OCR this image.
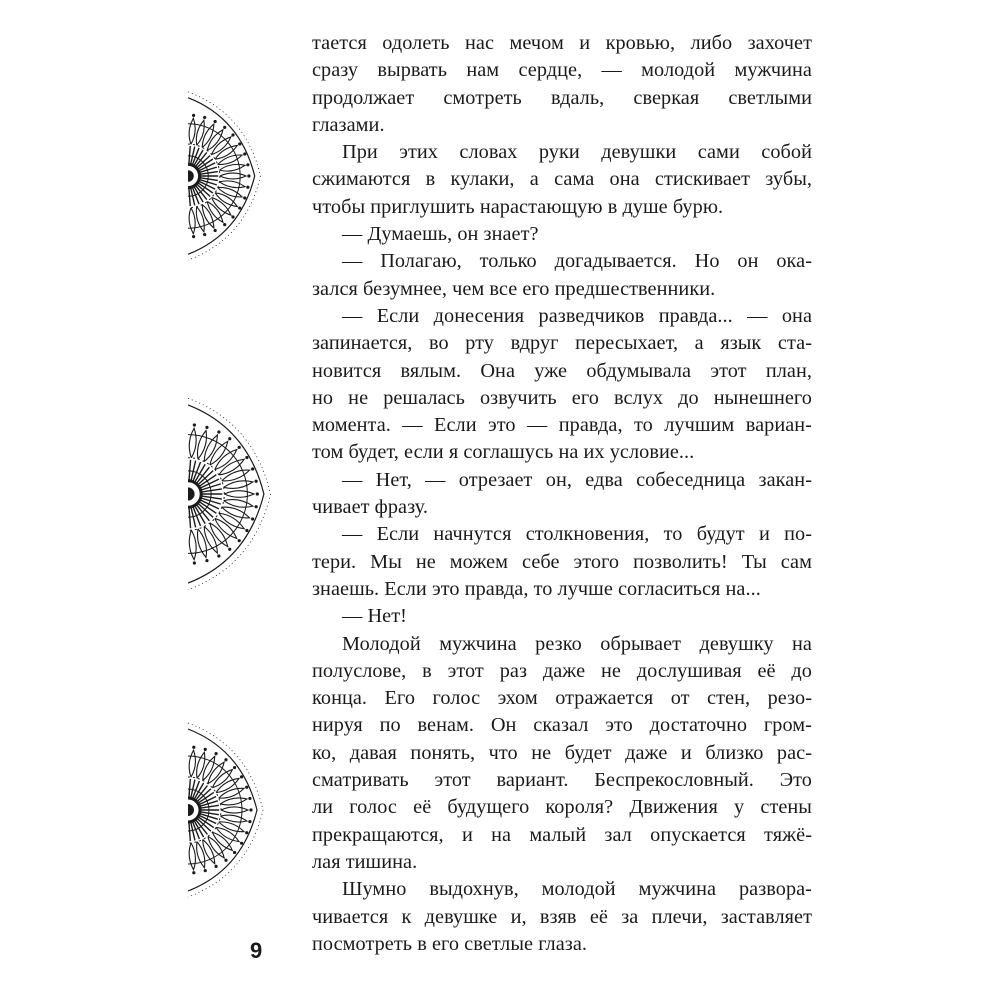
тается одолеть нас мечом и кровью, либо захочет
сразу вырвать нам сердце, — молодой мужчина
продолжает смотреть вдаль, сверкая светлыми
глазами.
При этих словах руки девушки сами собой
сжимаются в кулаки, а сама она стискивает зубы,
чтобы приглушить нарастающую в душе бурю.
— Думаешь, он знает?
— Полагаю, только догадывается. Но он ока-
зался безумнее, чем все его предшественники.
— Если донесения разведчиков правда... — она
запинается, во рту вдруг пересыхает, а язык ста-
новится вялым. Она уже обдумывала этот план,
но не решалась озвучить его вслух до нынешнего
момента. — Если это — правда, то лучшим вариан-
том будет, если я соглашусь на их условие...
— Нет, — отрезает он, едва собеседница закан-
чивает фразу.
— Если начнутся столкновения, то будут и по-
тери. Мы не можем себе этого позволить! Ты сам
знаешь. Если это правда, то лучше согласиться на...
— Нет!
Молодой мужчина резко обрывает девушку на
полуслове, в этот раз даже не дослушивая её до
конца. Его голос эхом отражается от стен, резо-
нируя по венам. Он сказал это достаточно гром-
ко, давая понять, что не будет даже и близко рас-
сматривать этот вариант. Беспрекословный. Это
ли голос её будущего короля? Движения у стены
прекращаются, и на малый зал опускается тяжё-
лая тишина.
Шумно выдохнув, молодой мужчина развора-
чивается к девушке и, взяв её за плечи, заставляет
посмотреть в его светлые глаза.
9
